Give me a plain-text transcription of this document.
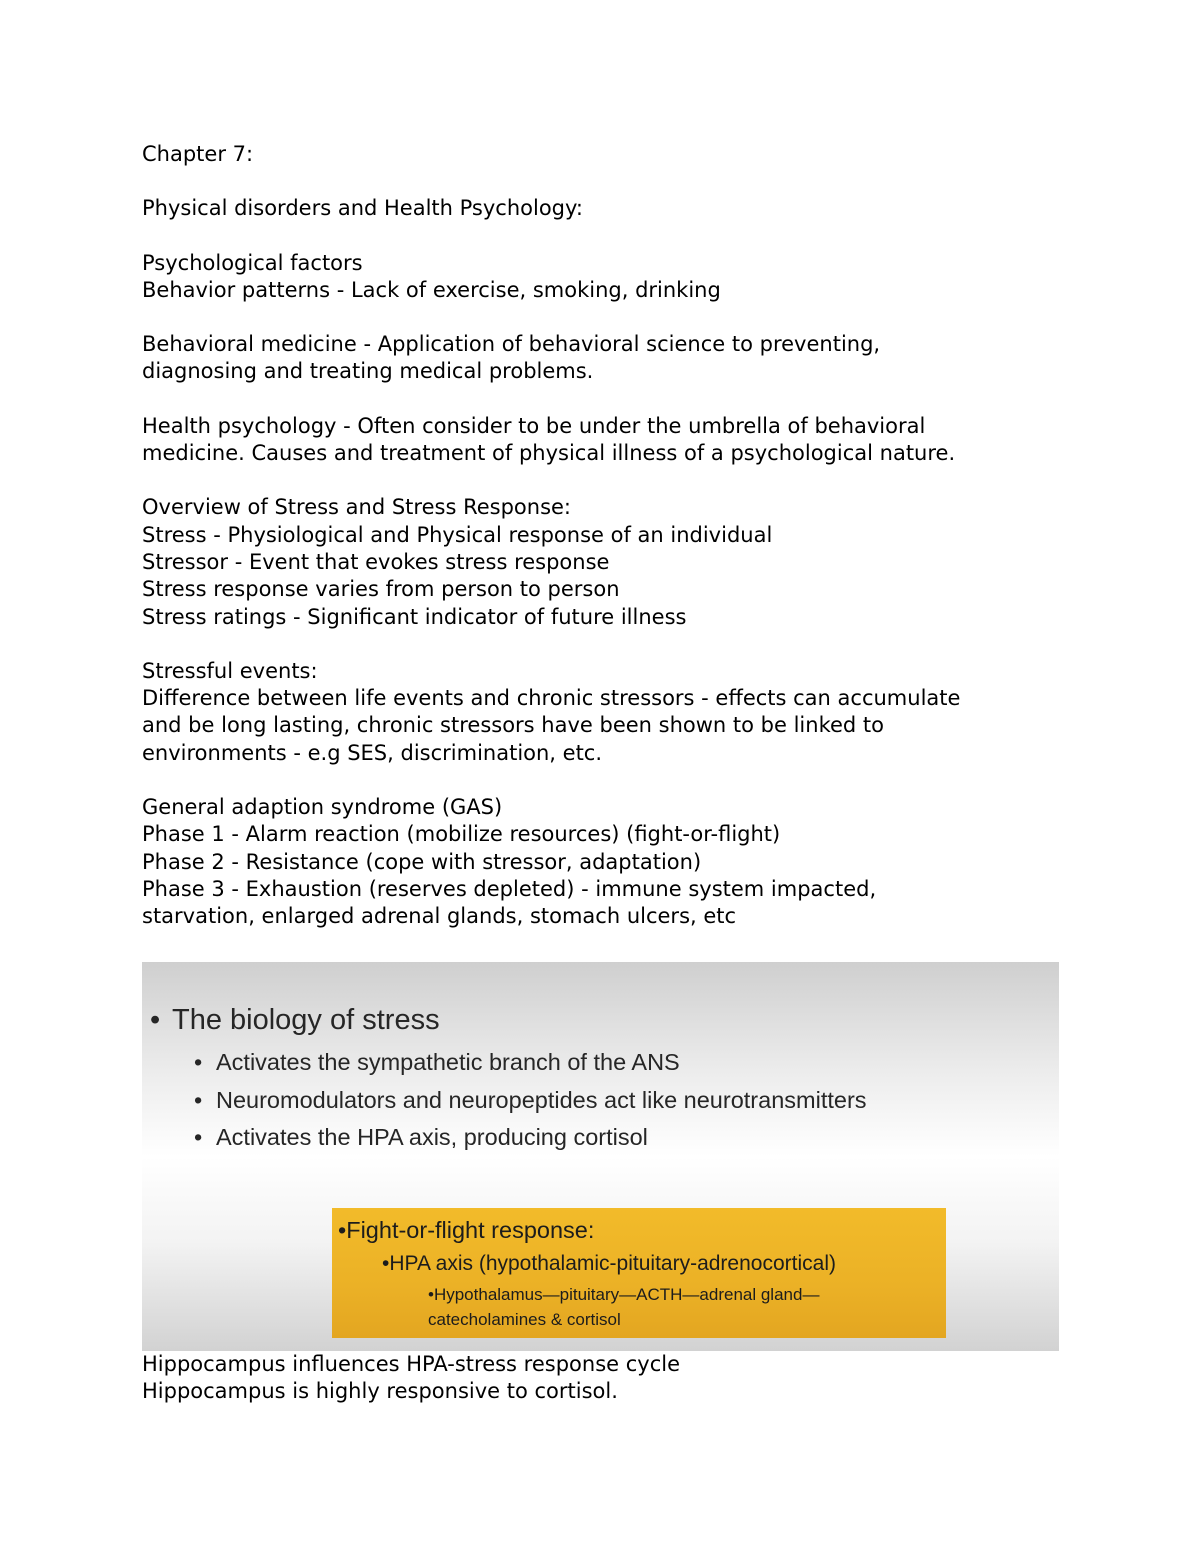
Chapter 7:

Physical disorders and Health Psychology:

Psychological factors
Behavior patterns - Lack of exercise, smoking, drinking

Behavioral medicine - Application of behavioral science to preventing,
diagnosing and treating medical problems.

Health psychology - Often consider to be under the umbrella of behavioral
medicine. Causes and treatment of physical illness of a psychological nature.

Overview of Stress and Stress Response:
Stress - Physiological and Physical response of an individual
Stressor - Event that evokes stress response
Stress response varies from person to person
Stress ratings - Significant indicator of future illness

Stressful events:
Difference between life events and chronic stressors - effects can accumulate
and be long lasting, chronic stressors have been shown to be linked to
environments - e.g SES, discrimination, etc.

General adaption syndrome (GAS)
Phase 1 - Alarm reaction (mobilize resources) (fight-or-flight)
Phase 2 - Resistance (cope with stressor, adaptation)
Phase 3 - Exhaustion (reserves depleted) - immune system impacted,
starvation, enlarged adrenal glands, stomach ulcers, etc

• The biology of stress
• Activates the sympathetic branch of the ANS
• Neuromodulators and neuropeptides act like neurotransmitters
• Activates the HPA axis, producing cortisol
•Fight-or-flight response:
•HPA axis (hypothalamic-pituitary-adrenocortical)
•Hypothalamus—pituitary—ACTH—adrenal gland—
catecholamines & cortisol
Hippocampus influences HPA-stress response cycle
Hippocampus is highly responsive to cortisol.
